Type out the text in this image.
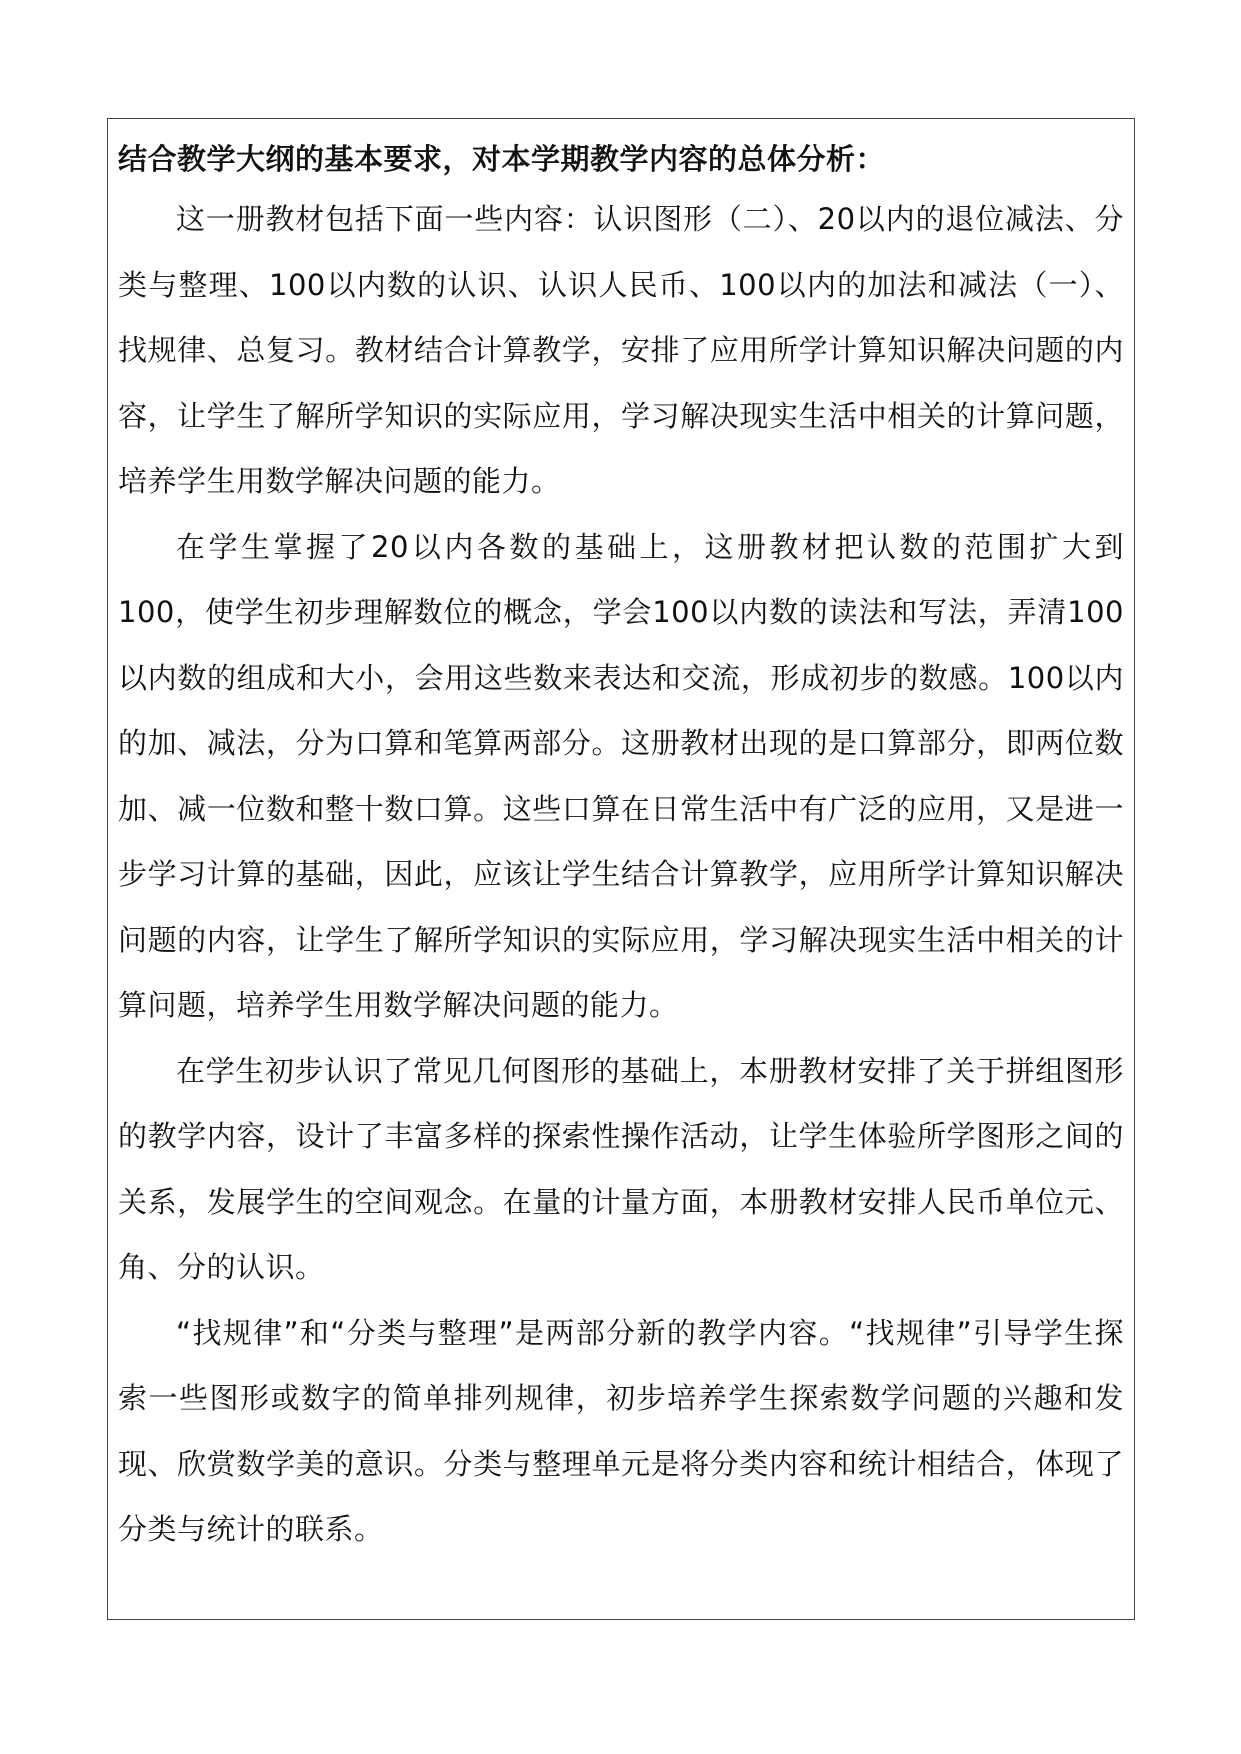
结合教学大纲的基本要求，对本学期教学内容的总体分析：

这一册教材包括下面一些内容：认识图形（二）、20以内的退位减法、分类与整理、100以内数的认识、认识人民币、100以内的加法和减法（一）、找规律、总复习。教材结合计算教学，安排了应用所学计算知识解决问题的内容，让学生了解所学知识的实际应用，学习解决现实生活中相关的计算问题，培养学生用数学解决问题的能力。

在学生掌握了20以内各数的基础上，这册教材把认数的范围扩大到100，使学生初步理解数位的概念，学会100以内数的读法和写法，弄清100以内数的组成和大小，会用这些数来表达和交流，形成初步的数感。100以内的加、减法，分为口算和笔算两部分。这册教材出现的是口算部分，即两位数加、减一位数和整十数口算。这些口算在日常生活中有广泛的应用，又是进一步学习计算的基础，因此，应该让学生结合计算教学，应用所学计算知识解决问题的内容，让学生了解所学知识的实际应用，学习解决现实生活中相关的计算问题，培养学生用数学解决问题的能力。

在学生初步认识了常见几何图形的基础上，本册教材安排了关于拼组图形的教学内容，设计了丰富多样的探索性操作活动，让学生体验所学图形之间的关系，发展学生的空间观念。在量的计量方面，本册教材安排人民币单位元、角、分的认识。

“找规律”和“分类与整理”是两部分新的教学内容。“找规律”引导学生探索一些图形或数字的简单排列规律，初步培养学生探索数学问题的兴趣和发现、欣赏数学美的意识。分类与整理单元是将分类内容和统计相结合，体现了分类与统计的联系。
